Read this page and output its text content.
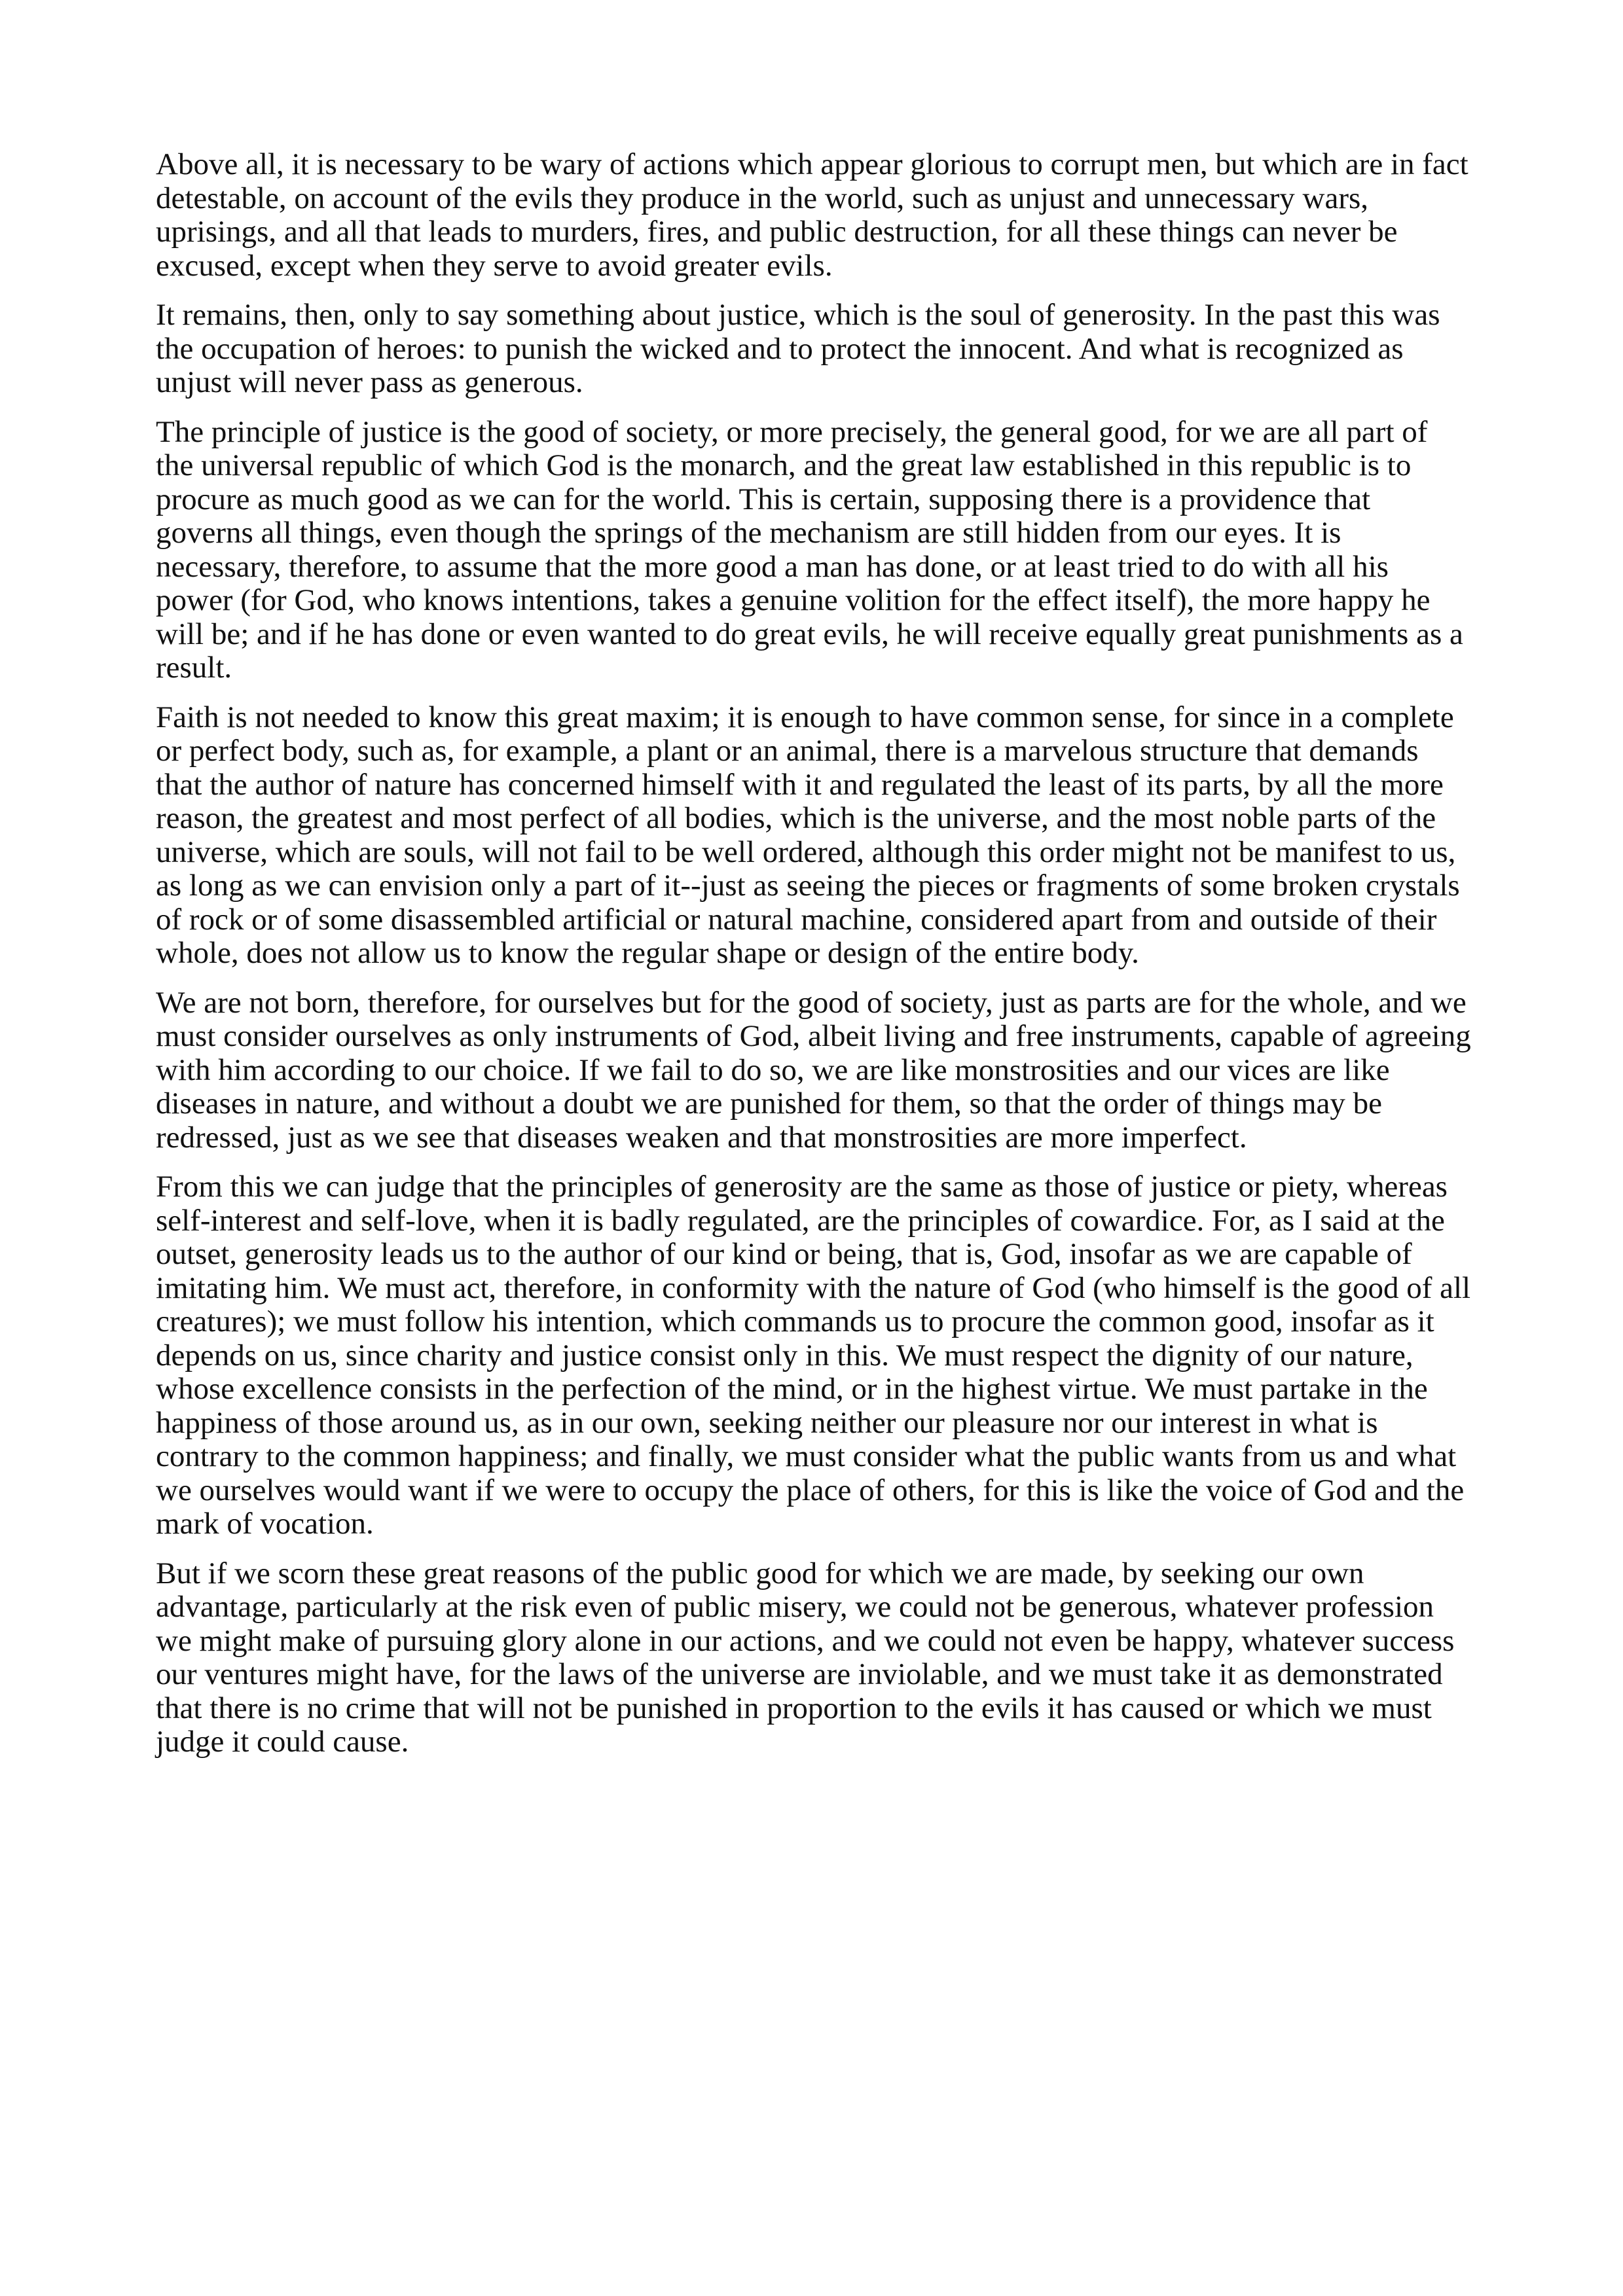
Above all, it is necessary to be wary of actions which appear glorious to corrupt men, but which are in fact detestable, on account of the evils they produce in the world, such as unjust and unnecessary wars, uprisings, and all that leads to murders, fires, and public destruction, for all these things can never be excused, except when they serve to avoid greater evils.

It remains, then, only to say something about justice, which is the soul of generosity. In the past this was the occupation of heroes: to punish the wicked and to protect the innocent. And what is recognized as unjust will never pass as generous.

The principle of justice is the good of society, or more precisely, the general good, for we are all part of the universal republic of which God is the monarch, and the great law established in this republic is to procure as much good as we can for the world. This is certain, supposing there is a providence that governs all things, even though the springs of the mechanism are still hidden from our eyes. It is necessary, therefore, to assume that the more good a man has done, or at least tried to do with all his power (for God, who knows intentions, takes a genuine volition for the effect itself), the more happy he will be; and if he has done or even wanted to do great evils, he will receive equally great punishments as a result.

Faith is not needed to know this great maxim; it is enough to have common sense, for since in a complete or perfect body, such as, for example, a plant or an animal, there is a marvelous structure that demands that the author of nature has concerned himself with it and regulated the least of its parts, by all the more reason, the greatest and most perfect of all bodies, which is the universe, and the most noble parts of the universe, which are souls, will not fail to be well ordered, although this order might not be manifest to us, as long as we can envision only a part of it--just as seeing the pieces or fragments of some broken crystals of rock or of some disassembled artificial or natural machine, considered apart from and outside of their whole, does not allow us to know the regular shape or design of the entire body.

We are not born, therefore, for ourselves but for the good of society, just as parts are for the whole, and we must consider ourselves as only instruments of God, albeit living and free instruments, capable of agreeing with him according to our choice. If we fail to do so, we are like monstrosities and our vices are like diseases in nature, and without a doubt we are punished for them, so that the order of things may be redressed, just as we see that diseases weaken and that monstrosities are more imperfect.

From this we can judge that the principles of generosity are the same as those of justice or piety, whereas self-interest and self-love, when it is badly regulated, are the principles of cowardice. For, as I said at the outset, generosity leads us to the author of our kind or being, that is, God, insofar as we are capable of imitating him. We must act, therefore, in conformity with the nature of God (who himself is the good of all creatures); we must follow his intention, which commands us to procure the common good, insofar as it depends on us, since charity and justice consist only in this. We must respect the dignity of our nature, whose excellence consists in the perfection of the mind, or in the highest virtue. We must partake in the happiness of those around us, as in our own, seeking neither our pleasure nor our interest in what is contrary to the common happiness; and finally, we must consider what the public wants from us and what we ourselves would want if we were to occupy the place of others, for this is like the voice of God and the mark of vocation.

But if we scorn these great reasons of the public good for which we are made, by seeking our own advantage, particularly at the risk even of public misery, we could not be generous, whatever profession we might make of pursuing glory alone in our actions, and we could not even be happy, whatever success our ventures might have, for the laws of the universe are inviolable, and we must take it as demonstrated that there is no crime that will not be punished in proportion to the evils it has caused or which we must judge it could cause.
